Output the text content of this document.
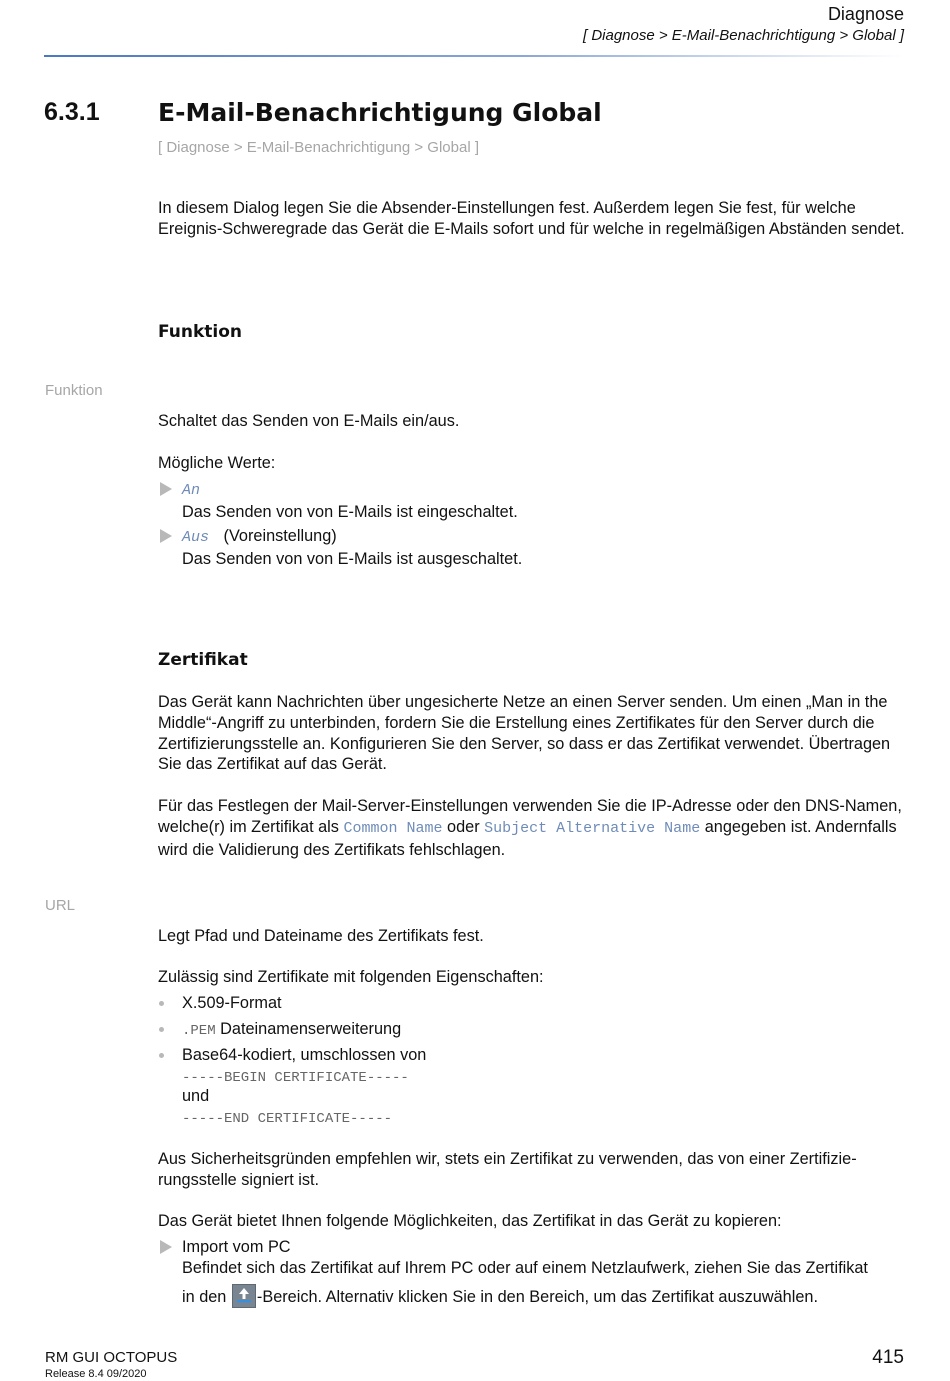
Diagnose
[ Diagnose > E-Mail-Benachrichtigung > Global ]
6.3.1 E-Mail-Benachrichtigung Global
[ Diagnose > E-Mail-Benachrichtigung > Global ]
In diesem Dialog legen Sie die Absender-Einstellungen fest. Außerdem legen Sie fest, für welche Ereignis-Schweregrade das Gerät die E-Mails sofort und für welche in regelmäßigen Abständen sendet.
Funktion
Funktion
Schaltet das Senden von E-Mails ein/aus.
Mögliche Werte:
An
Das Senden von von E-Mails ist eingeschaltet.
Aus (Voreinstellung)
Das Senden von von E-Mails ist ausgeschaltet.
Zertifikat
Das Gerät kann Nachrichten über ungesicherte Netze an einen Server senden. Um einen „Man in the Middle“-Angriff zu unterbinden, fordern Sie die Erstellung eines Zertifikates für den Server durch die Zertifizierungsstelle an. Konfigurieren Sie den Server, so dass er das Zertifikat verwendet. Übertragen Sie das Zertifikat auf das Gerät.
Für das Festlegen der Mail-Server-Einstellungen verwenden Sie die IP-Adresse oder den DNS-Namen, welche(r) im Zertifikat als Common Name oder Subject Alternative Name angegeben ist. Andernfalls wird die Validierung des Zertifikats fehlschlagen.
URL
Legt Pfad und Dateiname des Zertifikats fest.
Zulässig sind Zertifikate mit folgenden Eigenschaften:
X.509-Format
.PEM Dateinamenserweiterung
Base64-kodiert, umschlossen von
-----BEGIN CERTIFICATE-----
und
-----END CERTIFICATE-----
Aus Sicherheitsgründen empfehlen wir, stets ein Zertifikat zu verwenden, das von einer Zertifizie-rungsstelle signiert ist.
Das Gerät bietet Ihnen folgende Möglichkeiten, das Zertifikat in das Gerät zu kopieren:
Import vom PC
Befindet sich das Zertifikat auf Ihrem PC oder auf einem Netzlaufwerk, ziehen Sie das Zertifikat
in den -Bereich. Alternativ klicken Sie in den Bereich, um das Zertifikat auszuwählen.
RM GUI OCTOPUS
Release 8.4 09/2020
415
